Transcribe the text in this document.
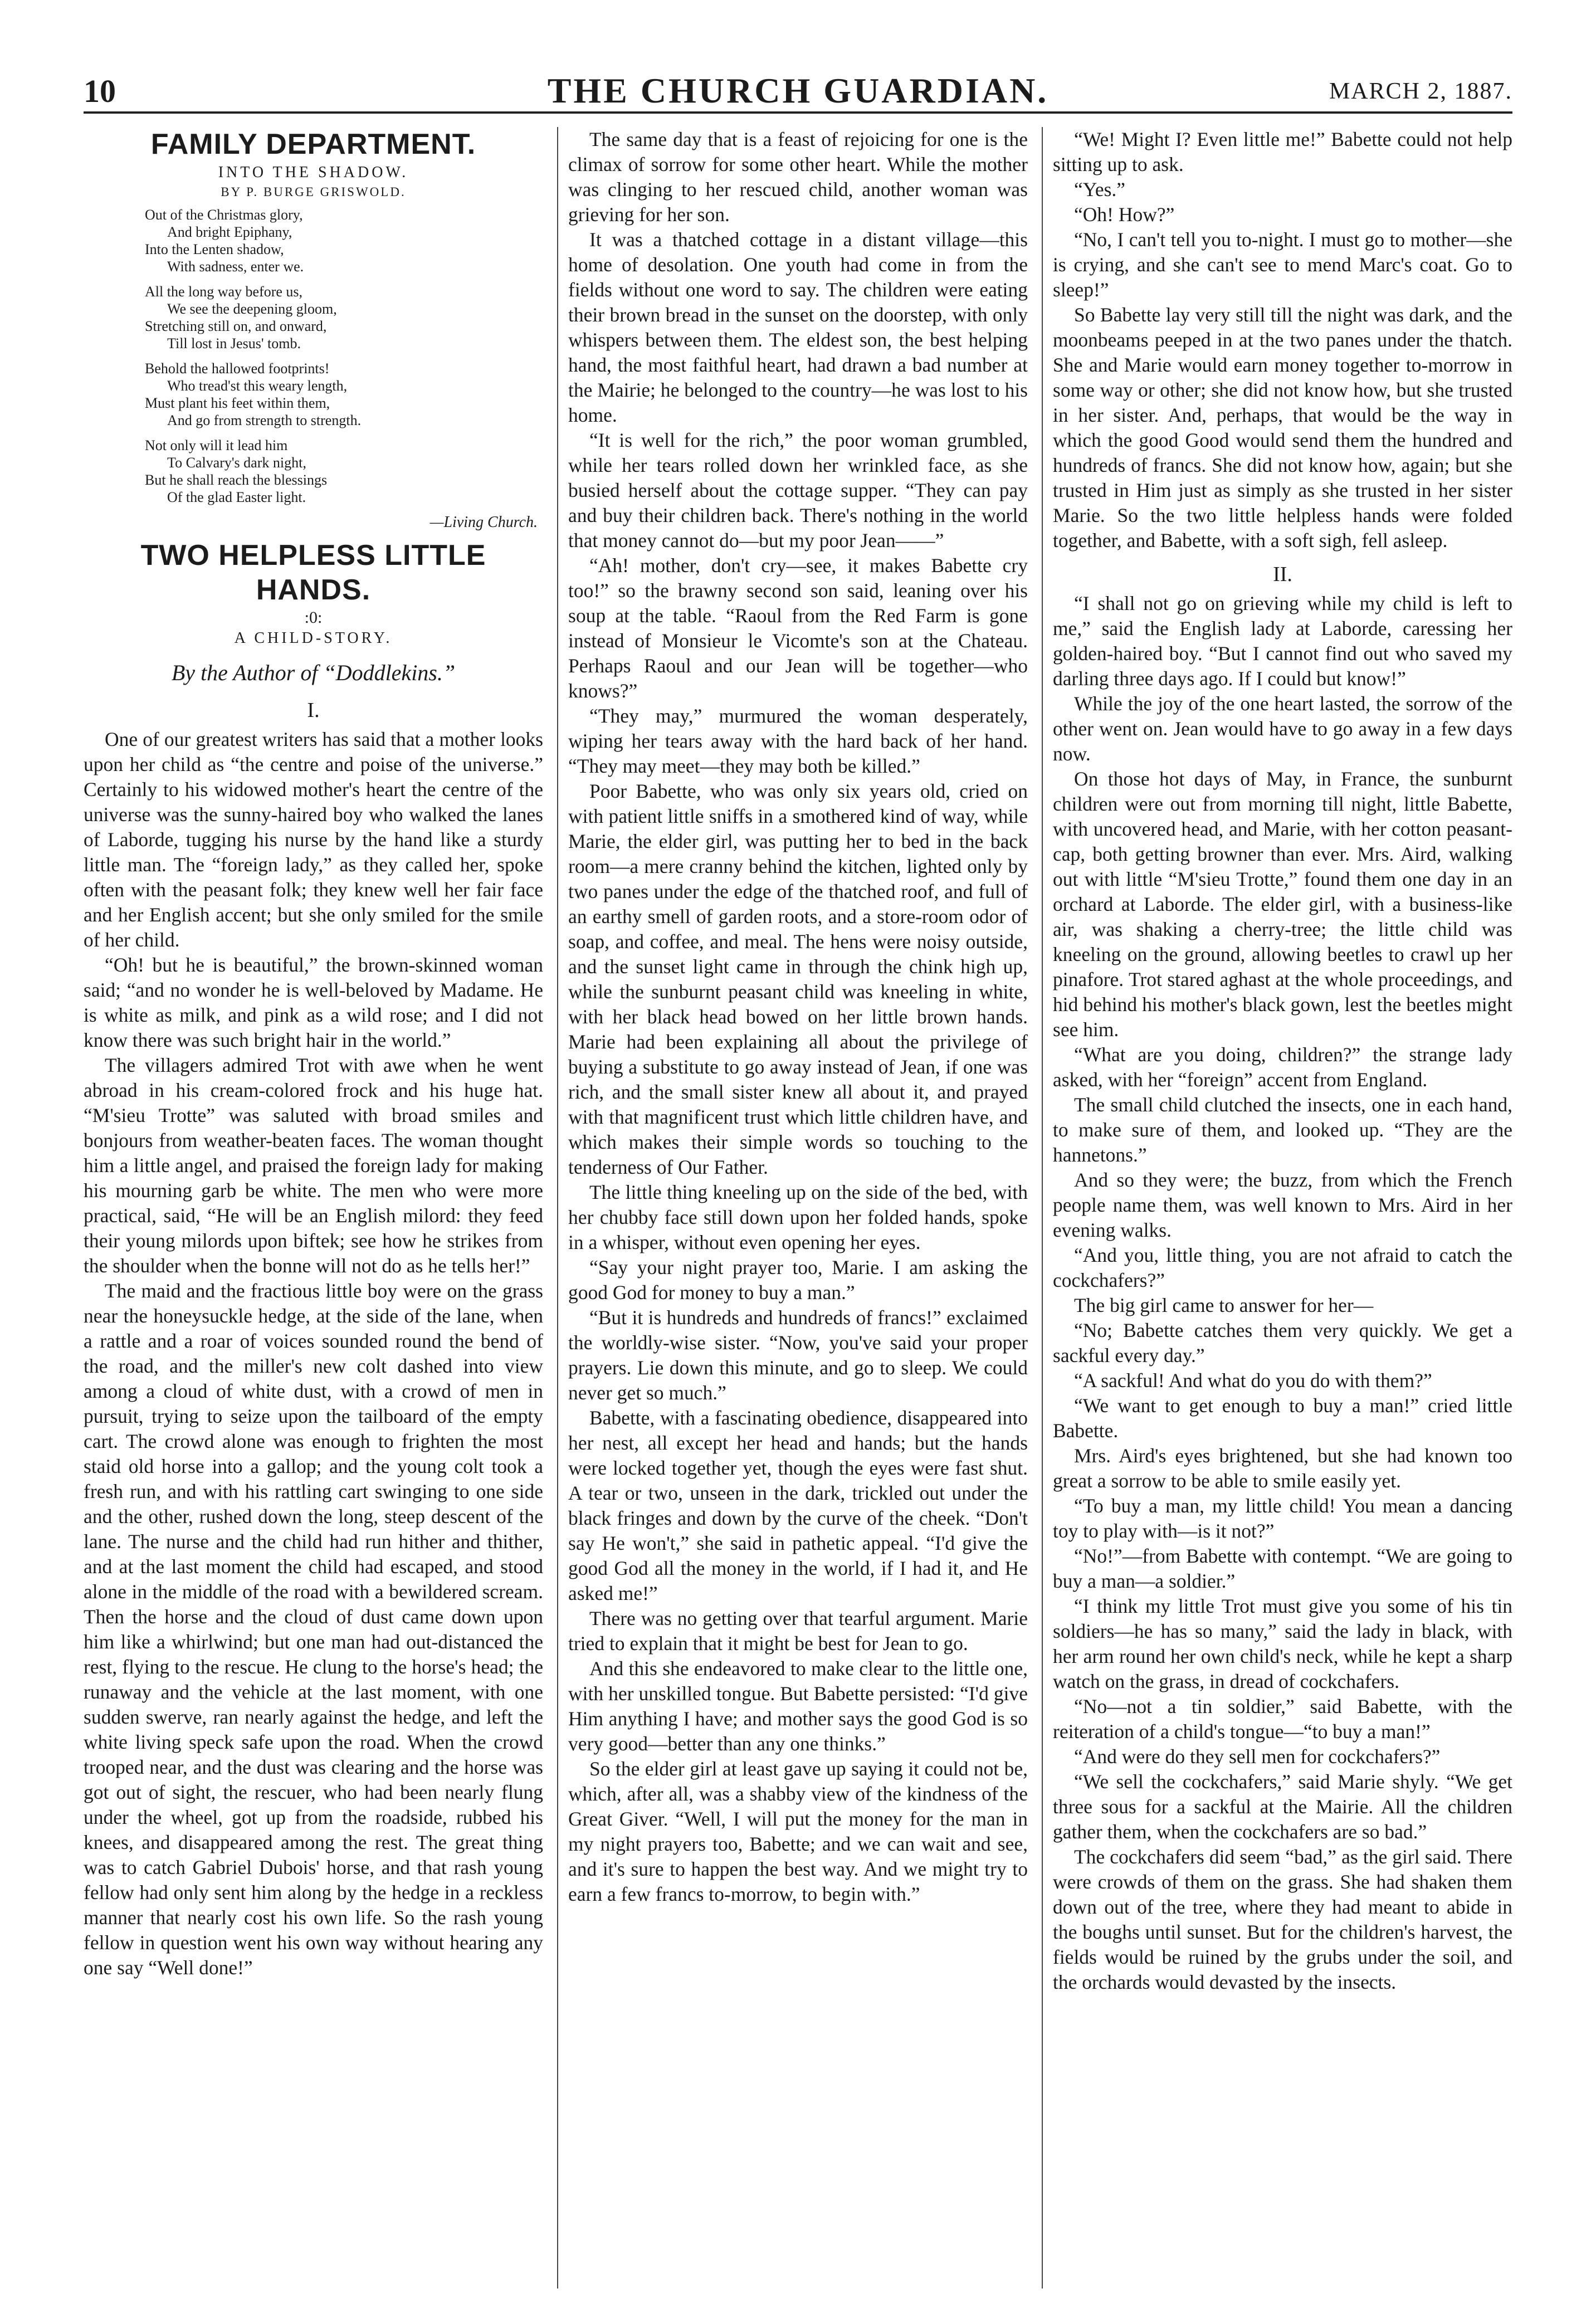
10	THE CHURCH GUARDIAN.	MARCH 2, 1887.
FAMILY DEPARTMENT.
INTO THE SHADOW.
BY P. BURGE GRISWOLD.
Out of the Christmas glory,
And bright Epiphany,
Into the Lenten shadow,
With sadness, enter we.
All the long way before us,
We see the deepening gloom,
Stretching still on, and onward,
Till lost in Jesus' tomb.
Behold the hallowed footprints!
Who tread'st this weary length,
Must plant his feet within them,
And go from strength to strength.
Not only will it lead him
To Calvary's dark night,
But he shall reach the blessings
Of the glad Easter light.
—Living Church.
TWO HELPLESS LITTLE HANDS.
:0:
A CHILD-STORY.
By the Author of “Doddlekins.”
I.

One of our greatest writers has said that a mother looks upon her child as “the centre and poise of the universe.” Certainly to his widowed mother's heart the centre of the universe was the sunny-haired boy who walked the lanes of Laborde, tugging his nurse by the hand like a sturdy little man. The “foreign lady,” as they called her, spoke often with the peasant folk; they knew well her fair face and her English accent; but she only smiled for the smile of her child.

“Oh! but he is beautiful,” the brown-skinned woman said; “and no wonder he is well-beloved by Madame. He is white as milk, and pink as a wild rose; and I did not know there was such bright hair in the world.”

The villagers admired Trot with awe when he went abroad in his cream-colored frock and his huge hat. “M'sieu Trotte” was saluted with broad smiles and bonjours from weather-beaten faces. The woman thought him a little angel, and praised the foreign lady for making his mourning garb be white. The men who were more practical, said, “He will be an English milord: they feed their young milords upon biftek; see how he strikes from the shoulder when the bonne will not do as he tells her!”

The maid and the fractious little boy were on the grass near the honeysuckle hedge, at the side of the lane, when a rattle and a roar of voices sounded round the bend of the road, and the miller's new colt dashed into view among a cloud of white dust, with a crowd of men in pursuit, trying to seize upon the tailboard of the empty cart. The crowd alone was enough to frighten the most staid old horse into a gallop; and the young colt took a fresh run, and with his rattling cart swinging to one side and the other, rushed down the long, steep descent of the lane. The nurse and the child had run hither and thither, and at the last moment the child had escaped, and stood alone in the middle of the road with a bewildered scream. Then the horse and the cloud of dust came down upon him like a whirlwind; but one man had out-distanced the rest, flying to the rescue. He clung to the horse's head; the runaway and the vehicle at the last moment, with one sudden swerve, ran nearly against the hedge, and left the white living speck safe upon the road. When the crowd trooped near, and the dust was clearing and the horse was got out of sight, the rescuer, who had been nearly flung under the wheel, got up from the roadside, rubbed his knees, and disappeared among the rest. The great thing was to catch Gabriel Dubois' horse, and that rash young fellow had only sent him along by the hedge in a reckless manner that nearly cost his own life. So the rash young fellow in question went his own way without hearing any one say “Well done!”

The same day that is a feast of rejoicing for one is the climax of sorrow for some other heart. While the mother was clinging to her rescued child, another woman was grieving for her son.

It was a thatched cottage in a distant village—this home of desolation. One youth had come in from the fields without one word to say. The children were eating their brown bread in the sunset on the doorstep, with only whispers between them. The eldest son, the best helping hand, the most faithful heart, had drawn a bad number at the Mairie; he belonged to the country—he was lost to his home.

“It is well for the rich,” the poor woman grumbled, while her tears rolled down her wrinkled face, as she busied herself about the cottage supper. “They can pay and buy their children back. There's nothing in the world that money cannot do—but my poor Jean——”

“Ah! mother, don't cry—see, it makes Babette cry too!” so the brawny second son said, leaning over his soup at the table. “Raoul from the Red Farm is gone instead of Monsieur le Vicomte's son at the Chateau. Perhaps Raoul and our Jean will be together—who knows?”

“They may,” murmured the woman desperately, wiping her tears away with the hard back of her hand. “They may meet—they may both be killed.”

Poor Babette, who was only six years old, cried on with patient little sniffs in a smothered kind of way, while Marie, the elder girl, was putting her to bed in the back room—a mere cranny behind the kitchen, lighted only by two panes under the edge of the thatched roof, and full of an earthy smell of garden roots, and a store-room odor of soap, and coffee, and meal. The hens were noisy outside, and the sunset light came in through the chink high up, while the sunburnt peasant child was kneeling in white, with her black head bowed on her little brown hands. Marie had been explaining all about the privilege of buying a substitute to go away instead of Jean, if one was rich, and the small sister knew all about it, and prayed with that magnificent trust which little children have, and which makes their simple words so touching to the tenderness of Our Father.

The little thing kneeling up on the side of the bed, with her chubby face still down upon her folded hands, spoke in a whisper, without even opening her eyes.

“Say your night prayer too, Marie. I am asking the good God for money to buy a man.”

“But it is hundreds and hundreds of francs!” exclaimed the worldly-wise sister. “Now, you've said your proper prayers. Lie down this minute, and go to sleep. We could never get so much.”

Babette, with a fascinating obedience, disappeared into her nest, all except her head and hands; but the hands were locked together yet, though the eyes were fast shut. A tear or two, unseen in the dark, trickled out under the black fringes and down by the curve of the cheek. “Don't say He won't,” she said in pathetic appeal. “I'd give the good God all the money in the world, if I had it, and He asked me!”

There was no getting over that tearful argument. Marie tried to explain that it might be best for Jean to go.

And this she endeavored to make clear to the little one, with her unskilled tongue. But Babette persisted: “I'd give Him anything I have; and mother says the good God is so very good—better than any one thinks.”

So the elder girl at least gave up saying it could not be, which, after all, was a shabby view of the kindness of the Great Giver. “Well, I will put the money for the man in my night prayers too, Babette; and we can wait and see, and it's sure to happen the best way. And we might try to earn a few francs to-morrow, to begin with.”

“We! Might I? Even little me!” Babette could not help sitting up to ask.

“Yes.”

“Oh! How?”

“No, I can't tell you to-night. I must go to mother—she is crying, and she can't see to mend Marc's coat. Go to sleep!”

So Babette lay very still till the night was dark, and the moonbeams peeped in at the two panes under the thatch. She and Marie would earn money together to-morrow in some way or other; she did not know how, but she trusted in her sister. And, perhaps, that would be the way in which the good Good would send them the hundred and hundreds of francs. She did not know how, again; but she trusted in Him just as simply as she trusted in her sister Marie. So the two little helpless hands were folded together, and Babette, with a soft sigh, fell asleep.

II.

“I shall not go on grieving while my child is left to me,” said the English lady at Laborde, caressing her golden-haired boy. “But I cannot find out who saved my darling three days ago. If I could but know!”

While the joy of the one heart lasted, the sorrow of the other went on. Jean would have to go away in a few days now.

On those hot days of May, in France, the sunburnt children were out from morning till night, little Babette, with uncovered head, and Marie, with her cotton peasant-cap, both getting browner than ever. Mrs. Aird, walking out with little “M'sieu Trotte,” found them one day in an orchard at Laborde. The elder girl, with a business-like air, was shaking a cherry-tree; the little child was kneeling on the ground, allowing beetles to crawl up her pinafore. Trot stared aghast at the whole proceedings, and hid behind his mother's black gown, lest the beetles might see him.

“What are you doing, children?” the strange lady asked, with her “foreign” accent from England.

The small child clutched the insects, one in each hand, to make sure of them, and looked up. “They are the hannetons.”

And so they were; the buzz, from which the French people name them, was well known to Mrs. Aird in her evening walks.

“And you, little thing, you are not afraid to catch the cockchafers?”

The big girl came to answer for her—

“No; Babette catches them very quickly. We get a sackful every day.”

“A sackful! And what do you do with them?”

“We want to get enough to buy a man!” cried little Babette.

Mrs. Aird's eyes brightened, but she had known too great a sorrow to be able to smile easily yet.

“To buy a man, my little child! You mean a dancing toy to play with—is it not?”

“No!”—from Babette with contempt. “We are going to buy a man—a soldier.”

“I think my little Trot must give you some of his tin soldiers—he has so many,” said the lady in black, with her arm round her own child's neck, while he kept a sharp watch on the grass, in dread of cockchafers.

“No—not a tin soldier,” said Babette, with the reiteration of a child's tongue—“to buy a man!”

“And were do they sell men for cockchafers?”

“We sell the cockchafers,” said Marie shyly. “We get three sous for a sackful at the Mairie. All the children gather them, when the cockchafers are so bad.”

The cockchafers did seem “bad,” as the girl said. There were crowds of them on the grass. She had shaken them down out of the tree, where they had meant to abide in the boughs until sunset. But for the children's harvest, the fields would be ruined by the grubs under the soil, and the orchards would devasted by the insects.
